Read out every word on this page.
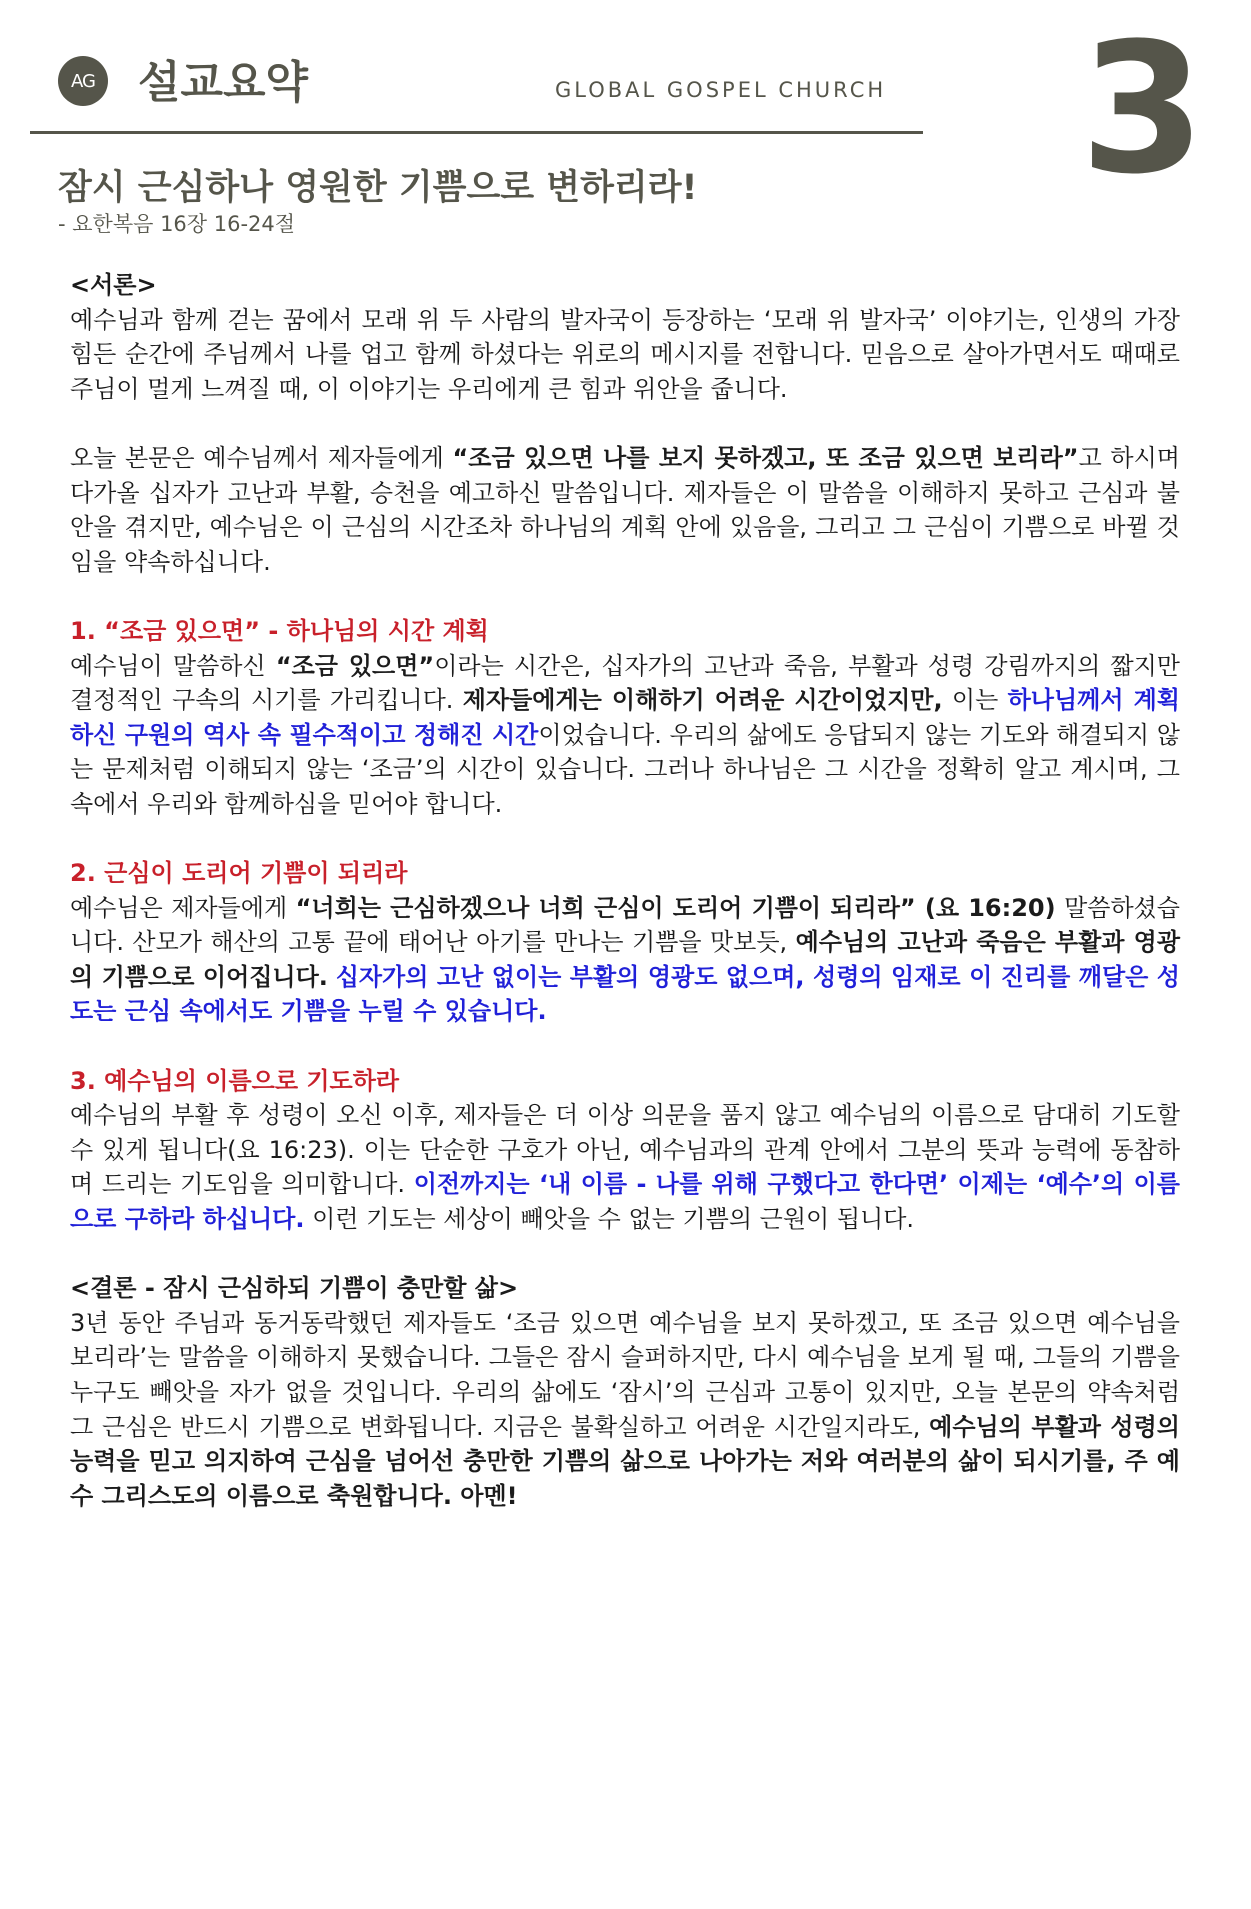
AG 설교요약	GLOBAL GOSPEL CHURCH 3
잠시 근심하나 영원한 기쁨으로 변하리라!
- 요한복음 16장 16-24절

<서론>

예수님과 함께 걷는 꿈에서 모래 위 두 사람의 발자국이 등장하는 ‘모래 위 발자국’ 이야기는, 인생의 가장 힘든 순간에 주님께서 나를 업고 함께 하셨다는 위로의 메시지를 전합니다. 믿음으로 살아가면서도 때때로 주님이 멀게 느껴질 때, 이 이야기는 우리에게 큰 힘과 위안을 줍니다.

오늘 본문은 예수님께서 제자들에게 “조금 있으면 나를 보지 못하겠고, 또 조금 있으면 보리라”고 하시며 다가올 십자가 고난과 부활, 승천을 예고하신 말씀입니다. 제자들은 이 말씀을 이해하지 못하고 근심과 불안을 겪지만, 예수님은 이 근심의 시간조차 하나님의 계획 안에 있음을, 그리고 그 근심이 기쁨으로 바뀔 것임을 약속하십니다.

1. “조금 있으면” - 하나님의 시간 계획

예수님이 말씀하신 “조금 있으면”이라는 시간은, 십자가의 고난과 죽음, 부활과 성령 강림까지의 짧지만 결정적인 구속의 시기를 가리킵니다. 제자들에게는 이해하기 어려운 시간이었지만, 이는 하나님께서 계획하신 구원의 역사 속 필수적이고 정해진 시간이었습니다. 우리의 삶에도 응답되지 않는 기도와 해결되지 않는 문제처럼 이해되지 않는 ‘조금’의 시간이 있습니다. 그러나 하나님은 그 시간을 정확히 알고 계시며, 그 속에서 우리와 함께하심을 믿어야 합니다.

2. 근심이 도리어 기쁨이 되리라

예수님은 제자들에게 “너희는 근심하겠으나 너희 근심이 도리어 기쁨이 되리라” (요 16:20) 말씀하셨습니다. 산모가 해산의 고통 끝에 태어난 아기를 만나는 기쁨을 맛보듯, 예수님의 고난과 죽음은 부활과 영광의 기쁨으로 이어집니다. 십자가의 고난 없이는 부활의 영광도 없으며, 성령의 임재로 이 진리를 깨달은 성도는 근심 속에서도 기쁨을 누릴 수 있습니다.

3. 예수님의 이름으로 기도하라

예수님의 부활 후 성령이 오신 이후, 제자들은 더 이상 의문을 품지 않고 예수님의 이름으로 담대히 기도할 수 있게 됩니다(요 16:23). 이는 단순한 구호가 아닌, 예수님과의 관계 안에서 그분의 뜻과 능력에 동참하며 드리는 기도임을 의미합니다. 이전까지는 ‘내 이름 - 나를 위해 구했다고 한다면’ 이제는 ‘예수’의 이름으로 구하라 하십니다. 이런 기도는 세상이 빼앗을 수 없는 기쁨의 근원이 됩니다.

<결론 - 잠시 근심하되 기쁨이 충만할 삶>

3년 동안 주님과 동거동락했던 제자들도 ‘조금 있으면 예수님을 보지 못하겠고, 또 조금 있으면 예수님을 보리라’는 말씀을 이해하지 못했습니다. 그들은 잠시 슬퍼하지만, 다시 예수님을 보게 될 때, 그들의 기쁨을 누구도 빼앗을 자가 없을 것입니다. 우리의 삶에도 ‘잠시’의 근심과 고통이 있지만, 오늘 본문의 약속처럼 그 근심은 반드시 기쁨으로 변화됩니다. 지금은 불확실하고 어려운 시간일지라도, 예수님의 부활과 성령의 능력을 믿고 의지하여 근심을 넘어선 충만한 기쁨의 삶으로 나아가는 저와 여러분의 삶이 되시기를, 주 예수 그리스도의 이름으로 축원합니다. 아멘!
